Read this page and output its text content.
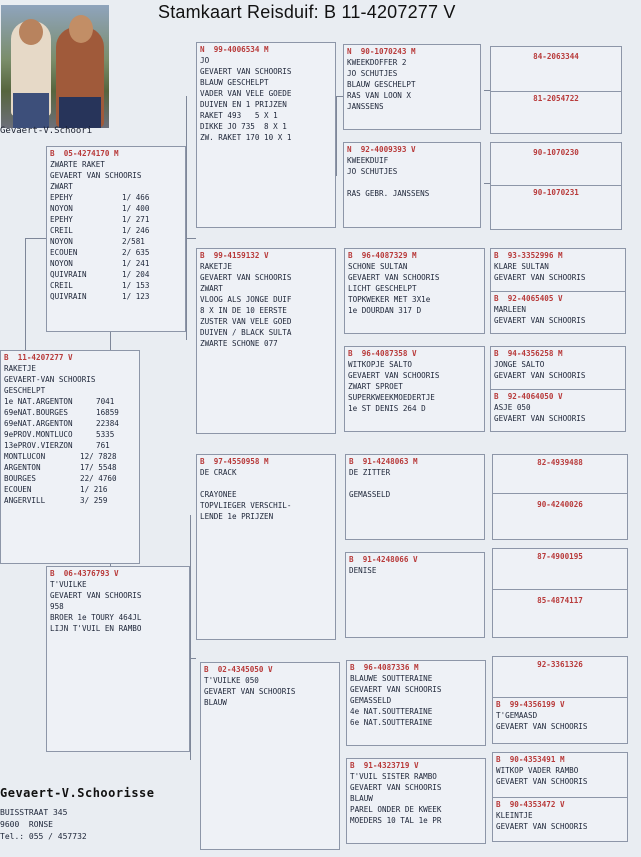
Stamkaart Reisduif: B 11-4207277 V
Gevaert-V.Schoori
B  11-4207277 V
RAKETJE
GEVAERT-VAN SCHOORIS
GESCHELPT
1e NAT.ARGENTON	7041
69eNAT.BOURGES	16859
69eNAT.ARGENTON	22384
9ePROV.MONTLUCO	5335
13ePROV.VIERZON	761
MONTLUCON	12/ 7828
ARGENTON	17/ 5548
BOURGES	22/ 4760
ECOUEN	1/ 216
ANGERVILL	3/ 259
B  05-4274170 M
ZWARTE RAKET
GEVAERT VAN SCHOORIS
ZWART
EPEHY	1/ 466
NOYON	1/ 400
EPEHY	1/ 271
CREIL	1/ 246
NOYON	2/581
ECOUEN	2/ 635
NOYON	1/ 241
QUIVRAIN	1/ 204
CREIL	1/ 153
QUIVRAIN	1/ 123
B  06-4376793 V
T'VUILKE
GEVAERT VAN SCHOORIS
958
BROER 1e TOURY 464JL
LIJN T'VUIL EN RAMBO
N  99-4006534 M
JO
GEVAERT VAN SCHOORIS
BLAUW GESCHELPT
VADER VAN VELE GOEDE
DUIVEN EN 1 PRIJZEN
RAKET 493   5 X 1
DIKKE JO 735  8 X 1
ZW. RAKET 170 10 X 1
B  99-4159132 V
RAKETJE
GEVAERT VAN SCHOORIS
ZWART
VLOOG ALS JONGE DUIF
8 X IN DE 10 EERSTE
ZUSTER VAN VELE GOED
DUIVEN / BLACK SULTA
ZWARTE SCHONE 077
B  97-4550958 M
DE CRACK
CRAYONEE
TOPVLIEGER VERSCHIL-
LENDE 1e PRIJZEN
B  02-4345050 V
T'VUILKE 050
GEVAERT VAN SCHOORIS
BLAUW
N  90-1070243 M
KWEEKDOFFER 2
JO SCHUTJES
BLAUW GESCHELPT
RAS VAN LOON X
JANSSENS
N  92-4009393 V
KWEEKDUIF
JO SCHUTJES
RAS GEBR. JANSSENS
B  96-4087329 M
SCHONE SULTAN
GEVAERT VAN SCHOORIS
LICHT GESCHELPT
TOPKWEKER MET 3X1e
1e DOURDAN 317 D
B  96-4087358 V
WITKOPJE SALTO
GEVAERT VAN SCHOORIS
ZWART SPROET
SUPERKWEEKMOEDERTJE
1e ST DENIS 264 D
B  91-4248063 M
DE ZITTER
GEMASSELD
B  91-4248066 V
DENISE
B  96-4087336 M
BLAUWE SOUTTERAINE
GEVAERT VAN SCHOORIS
GEMASSELD
4e NAT.SOUTTERAINE
6e NAT.SOUTTERAINE
B  91-4323719 V
T'VUIL SISTER RAMBO
GEVAERT VAN SCHOORIS
BLAUW
PAREL ONDER DE KWEEK
MOEDERS 10 TAL 1e PR
84-2063344
81-2054722
90-1070230
90-1070231
B  93-3352996 M
KLARE SULTAN
GEVAERT VAN SCHOORIS
B  92-4065405 V
MARLEEN
GEVAERT VAN SCHOORIS
B  94-4356258 M
JONGE SALTO
GEVAERT VAN SCHOORIS
B  92-4064050 V
ASJE 050
GEVAERT VAN SCHOORIS
82-4939488
90-4240026
87-4900195
85-4874117
92-3361326
B  99-4356199 V
T'GEMAASD
GEVAERT VAN SCHOORIS
B  90-4353491 M
WITKOP VADER RAMBO
GEVAERT VAN SCHOORIS
B  90-4353472 V
KLEINTJE
GEVAERT VAN SCHOORIS
Gevaert-V.Schoorisse
BUISSTRAAT 345
9600  RONSE
Tel.: 055 / 457732
